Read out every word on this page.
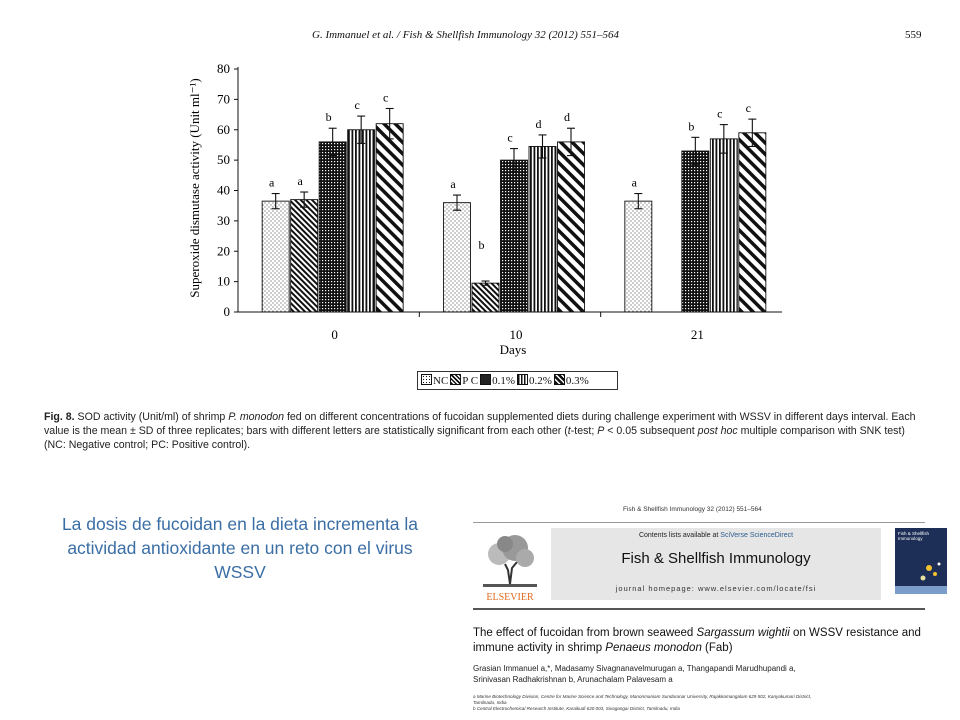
G. Immanuel et al. / Fish & Shellfish Immunology 32 (2012) 551–564	559
Superoxide dismutase activity (Unit ml⁻¹)
0
10
20
30
40
50
60
70
80
a a
b
c
c
a
b
c
d d
a
b
c c
0	10	21
Days
NC	P C	0.1%	0.2%	0.3%
Fig. 8. SOD activity (Unit/ml) of shrimp P. monodon fed on different concentrations of fucoidan supplemented diets during challenge experiment with WSSV in different days interval. Each value is the mean ± SD of three replicates; bars with different letters are statistically significant from each other (t-test; P < 0.05 subsequent post hoc multiple comparison with SNK test) (NC: Negative control; PC: Positive control).
La dosis de fucoidan en la dieta incrementa la actividad antioxidante en un reto con el virus WSSV
Fish & Shellfish Immunology 32 (2012) 551–564
ELSEVIER
Contents lists available at SciVerse ScienceDirect
Fish & Shellfish Immunology
journal homepage: www.elsevier.com/locate/fsi
Fish & Shellfish Immunology
The effect of fucoidan from brown seaweed Sargassum wightii on WSSV resistance and immune activity in shrimp Penaeus monodon (Fab)
Grasian Immanuel a,*, Madasamy Sivagnanavelmurugan a, Thangapandi Marudhupandi a,
Srinivasan Radhakrishnan b, Arunachalam Palavesam a
a Marine Biotechnology Division, Centre for Marine Science and Technology, Manonmaniam Sundaranar University, Rajakkamangalam 629 502, Kanyakumari District,
Tamilnadu, India
b Central Electrochemical Research Institute, Karaikudi 630 003, Sivagangai District, Tamilnadu, India
